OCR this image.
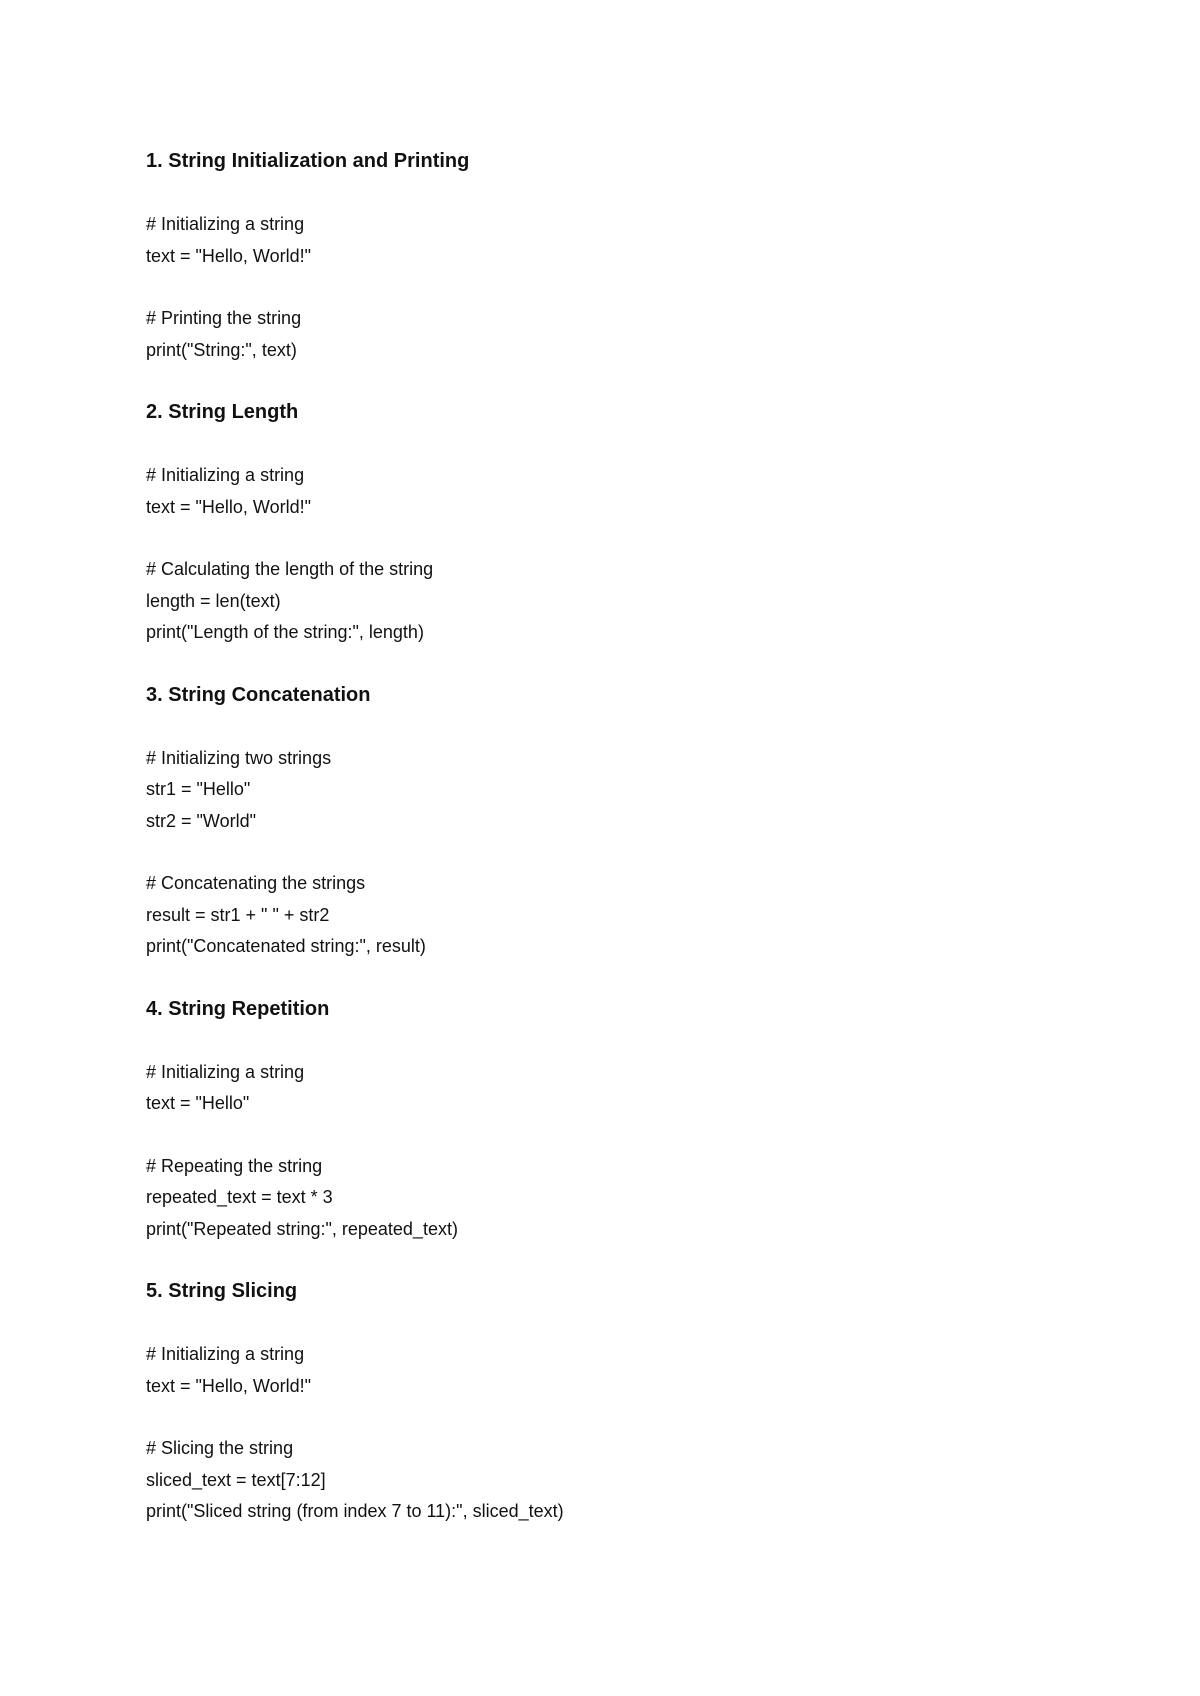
1. String Initialization and Printing
# Initializing a string
text = "Hello, World!"
# Printing the string
print("String:", text)
2. String Length
# Initializing a string
text = "Hello, World!"
# Calculating the length of the string
length = len(text)
print("Length of the string:", length)
3. String Concatenation
# Initializing two strings
str1 = "Hello"
str2 = "World"
# Concatenating the strings
result = str1 + " " + str2
print("Concatenated string:", result)
4. String Repetition
# Initializing a string
text = "Hello"
# Repeating the string
repeated_text = text * 3
print("Repeated string:", repeated_text)
5. String Slicing
# Initializing a string
text = "Hello, World!"
# Slicing the string
sliced_text = text[7:12]
print("Sliced string (from index 7 to 11):", sliced_text)
